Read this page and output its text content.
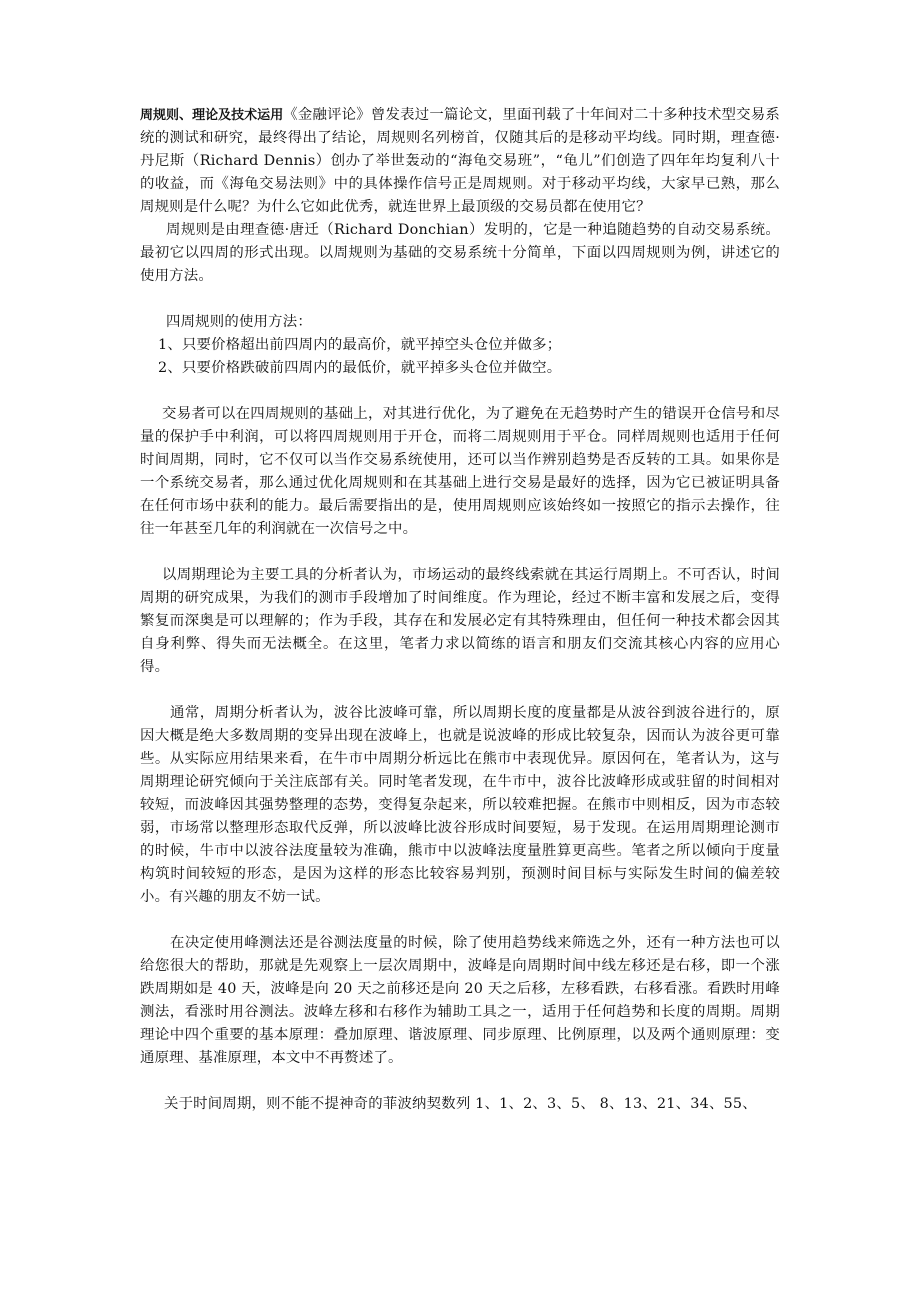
周规则、理论及技术运用《金融评论》曾发表过一篇论文，里面刊载了十年间对二十多种技术型交易系统的测试和研究，最终得出了结论，周规则名列榜首，仅随其后的是移动平均线。同时期，理查德·丹尼斯（Richard Dennis）创办了举世轰动的“海龟交易班”，“龟儿”们创造了四年年均复利八十的收益，而《海龟交易法则》中的具体操作信号正是周规则。对于移动平均线，大家早已熟，那么周规则是什么呢？为什么它如此优秀，就连世界上最顶级的交易员都在使用它？

周规则是由理查德·唐迁（Richard Donchian）发明的，它是一种追随趋势的自动交易系统。最初它以四周的形式出现。以周规则为基础的交易系统十分简单，下面以四周规则为例，讲述它的使用方法。

四周规则的使用方法：

1、只要价格超出前四周内的最高价，就平掉空头仓位并做多；

2、只要价格跌破前四周内的最低价，就平掉多头仓位并做空。

交易者可以在四周规则的基础上，对其进行优化，为了避免在无趋势时产生的错误开仓信号和尽量的保护手中利润，可以将四周规则用于开仓，而将二周规则用于平仓。同样周规则也适用于任何时间周期，同时，它不仅可以当作交易系统使用，还可以当作辨别趋势是否反转的工具。如果你是一个系统交易者，那么通过优化周规则和在其基础上进行交易是最好的选择，因为它已被证明具备在任何市场中获利的能力。最后需要指出的是，使用周规则应该始终如一按照它的指示去操作，往往一年甚至几年的利润就在一次信号之中。

以周期理论为主要工具的分析者认为，市场运动的最终线索就在其运行周期上。不可否认，时间周期的研究成果，为我们的测市手段增加了时间维度。作为理论，经过不断丰富和发展之后，变得繁复而深奥是可以理解的；作为手段，其存在和发展必定有其特殊理由，但任何一种技术都会因其自身利弊、得失而无法概全。在这里，笔者力求以简练的语言和朋友们交流其核心内容的应用心得。

通常，周期分析者认为，波谷比波峰可靠，所以周期长度的度量都是从波谷到波谷进行的，原因大概是绝大多数周期的变异出现在波峰上，也就是说波峰的形成比较复杂，因而认为波谷更可靠些。从实际应用结果来看，在牛市中周期分析远比在熊市中表现优异。原因何在，笔者认为，这与周期理论研究倾向于关注底部有关。同时笔者发现，在牛市中，波谷比波峰形成或驻留的时间相对较短，而波峰因其强势整理的态势，变得复杂起来，所以较难把握。在熊市中则相反，因为市态较弱，市场常以整理形态取代反弹，所以波峰比波谷形成时间要短，易于发现。在运用周期理论测市的时候，牛市中以波谷法度量较为准确，熊市中以波峰法度量胜算更高些。笔者之所以倾向于度量构筑时间较短的形态，是因为这样的形态比较容易判别，预测时间目标与实际发生时间的偏差较小。有兴趣的朋友不妨一试。

在决定使用峰测法还是谷测法度量的时候，除了使用趋势线来筛选之外，还有一种方法也可以给您很大的帮助，那就是先观察上一层次周期中，波峰是向周期时间中线左移还是右移，即一个涨跌周期如是 40 天，波峰是向 20 天之前移还是向 20 天之后移，左移看跌，右移看涨。看跌时用峰测法，看涨时用谷测法。波峰左移和右移作为辅助工具之一，适用于任何趋势和长度的周期。周期理论中四个重要的基本原理：叠加原理、谐波原理、同步原理、比例原理，以及两个通则原理：变通原理、基准原理，本文中不再赘述了。

关于时间周期，则不能不提神奇的菲波纳契数列 1、1、2、3、5、 8、13、21、34、55、
